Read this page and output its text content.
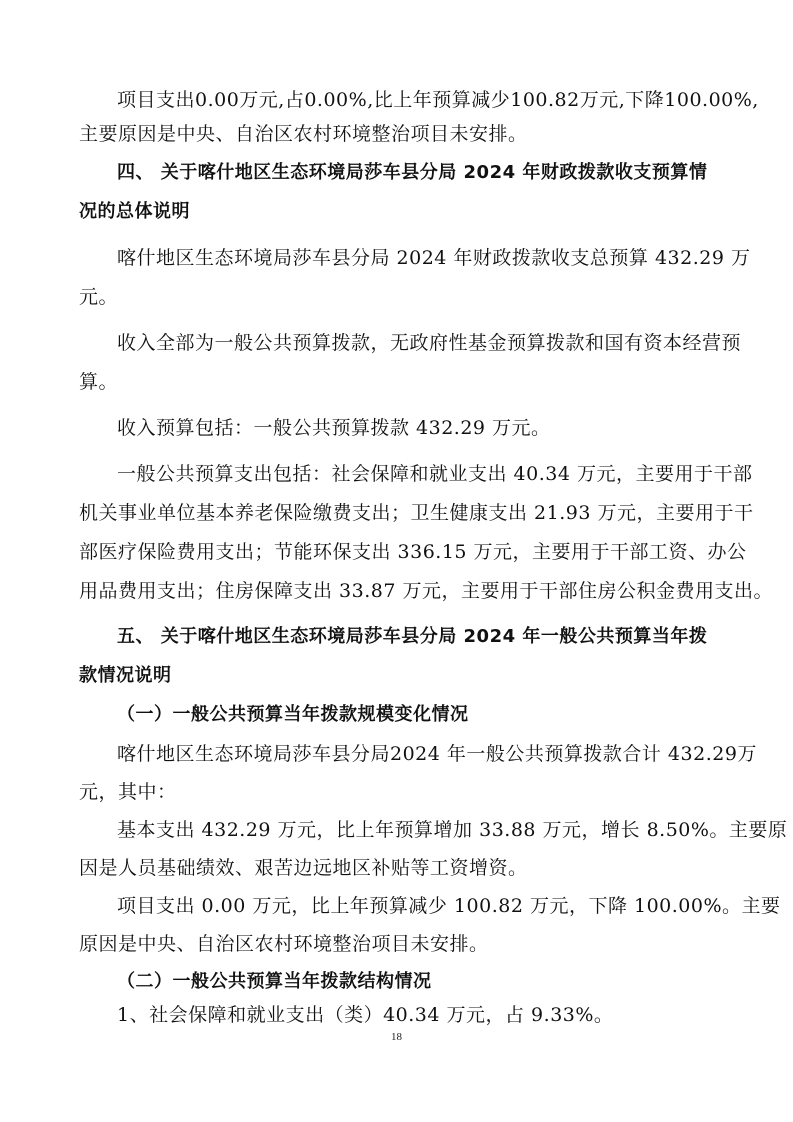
项目支出0.00万元,占0.00%,比上年预算减少100.82万元,下降100.00%,
主要原因是中央、自治区农村环境整治项目未安排。
四、 关于喀什地区生态环境局莎车县分局 2024 年财政拨款收支预算情
况的总体说明
喀什地区生态环境局莎车县分局 2024 年财政拨款收支总预算 432.29 万
元。
收入全部为一般公共预算拨款，无政府性基金预算拨款和国有资本经营预
算。
收入预算包括：一般公共预算拨款 432.29 万元。
一般公共预算支出包括：社会保障和就业支出 40.34 万元，主要用于干部
机关事业单位基本养老保险缴费支出；卫生健康支出 21.93 万元，主要用于干
部医疗保险费用支出；节能环保支出 336.15 万元，主要用于干部工资、办公
用品费用支出；住房保障支出 33.87 万元，主要用于干部住房公积金费用支出。
五、 关于喀什地区生态环境局莎车县分局 2024 年一般公共预算当年拨
款情况说明
（一）一般公共预算当年拨款规模变化情况
喀什地区生态环境局莎车县分局2024 年一般公共预算拨款合计 432.29万
元，其中：
基本支出 432.29 万元，比上年预算增加 33.88 万元，增长 8.50%。主要原
因是人员基础绩效、艰苦边远地区补贴等工资增资。
项目支出 0.00 万元，比上年预算减少 100.82 万元，下降 100.00%。主要
原因是中央、自治区农村环境整治项目未安排。
（二）一般公共预算当年拨款结构情况
1、社会保障和就业支出（类）40.34 万元，占 9.33%。
18
